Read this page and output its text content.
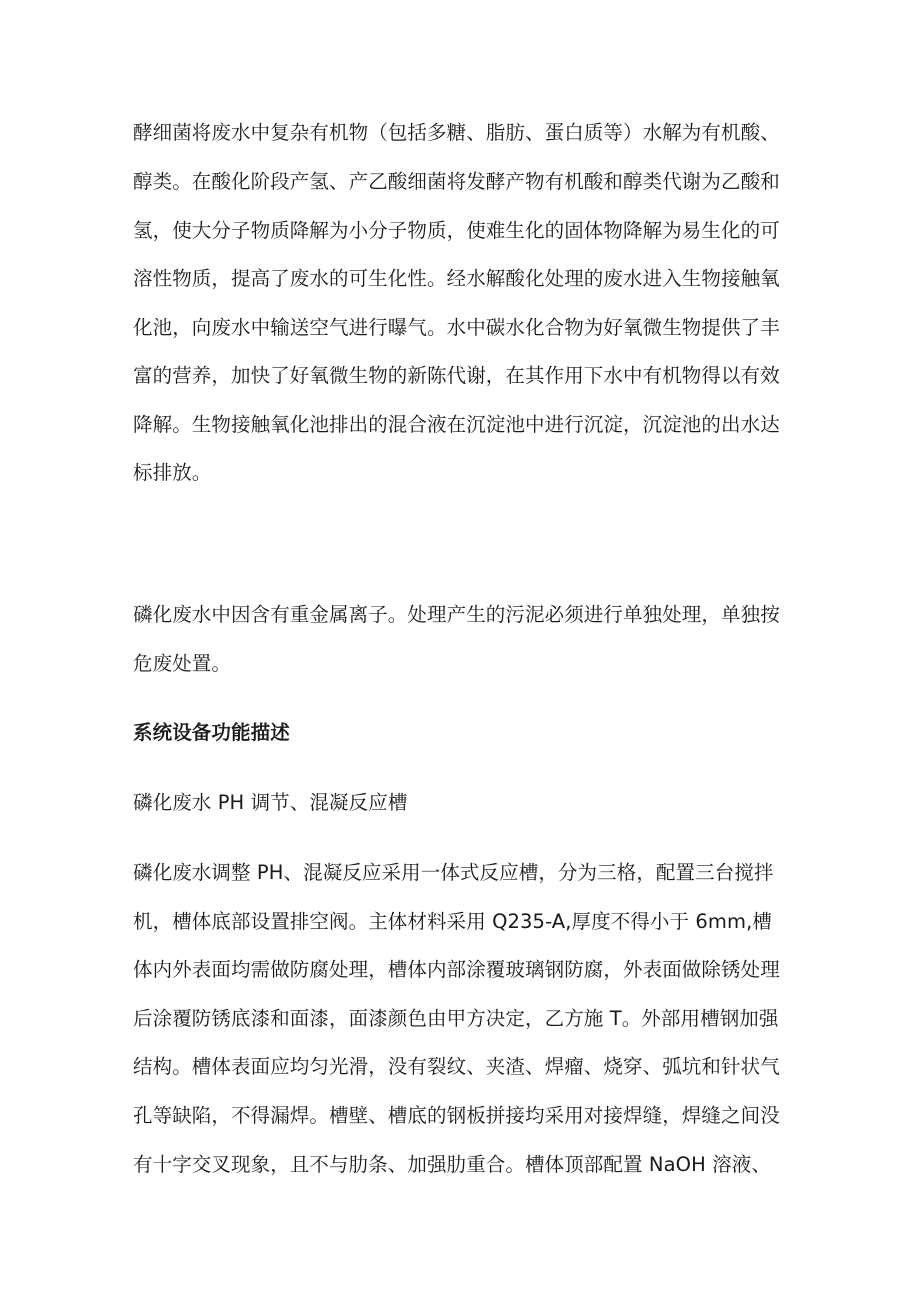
酵细菌将废水中复杂有机物（包括多糖、脂肪、蛋白质等）水解为有机酸、
醇类。在酸化阶段产氢、产乙酸细菌将发酵产物有机酸和醇类代谢为乙酸和
氢，使大分子物质降解为小分子物质，使难生化的固体物降解为易生化的可
溶性物质，提高了废水的可生化性。经水解酸化处理的废水进入生物接触氧
化池，向废水中输送空气进行曝气。水中碳水化合物为好氧微生物提供了丰
富的营养，加快了好氧微生物的新陈代谢，在其作用下水中有机物得以有效
降解。生物接触氧化池排出的混合液在沉淀池中进行沉淀，沉淀池的出水达
标排放。
磷化废水中因含有重金属离子。处理产生的污泥必须进行单独处理，单独按
危废处置。
系统设备功能描述
磷化废水 PH 调节、混凝反应槽
磷化废水调整 PH、混凝反应采用一体式反应槽，分为三格，配置三台搅拌
机，槽体底部设置排空阀。主体材料采用 Q235-A,厚度不得小于 6mm,槽
体内外表面均需做防腐处理，槽体内部涂覆玻璃钢防腐，外表面做除锈处理
后涂覆防锈底漆和面漆，面漆颜色由甲方决定，乙方施 T。外部用槽钢加强
结构。槽体表面应均匀光滑，没有裂纹、夹渣、焊瘤、烧穿、弧坑和针状气
孔等缺陷，不得漏焊。槽壁、槽底的钢板拼接均采用对接焊缝，焊缝之间没
有十字交叉现象，且不与肋条、加强肋重合。槽体顶部配置 NaOH 溶液、
